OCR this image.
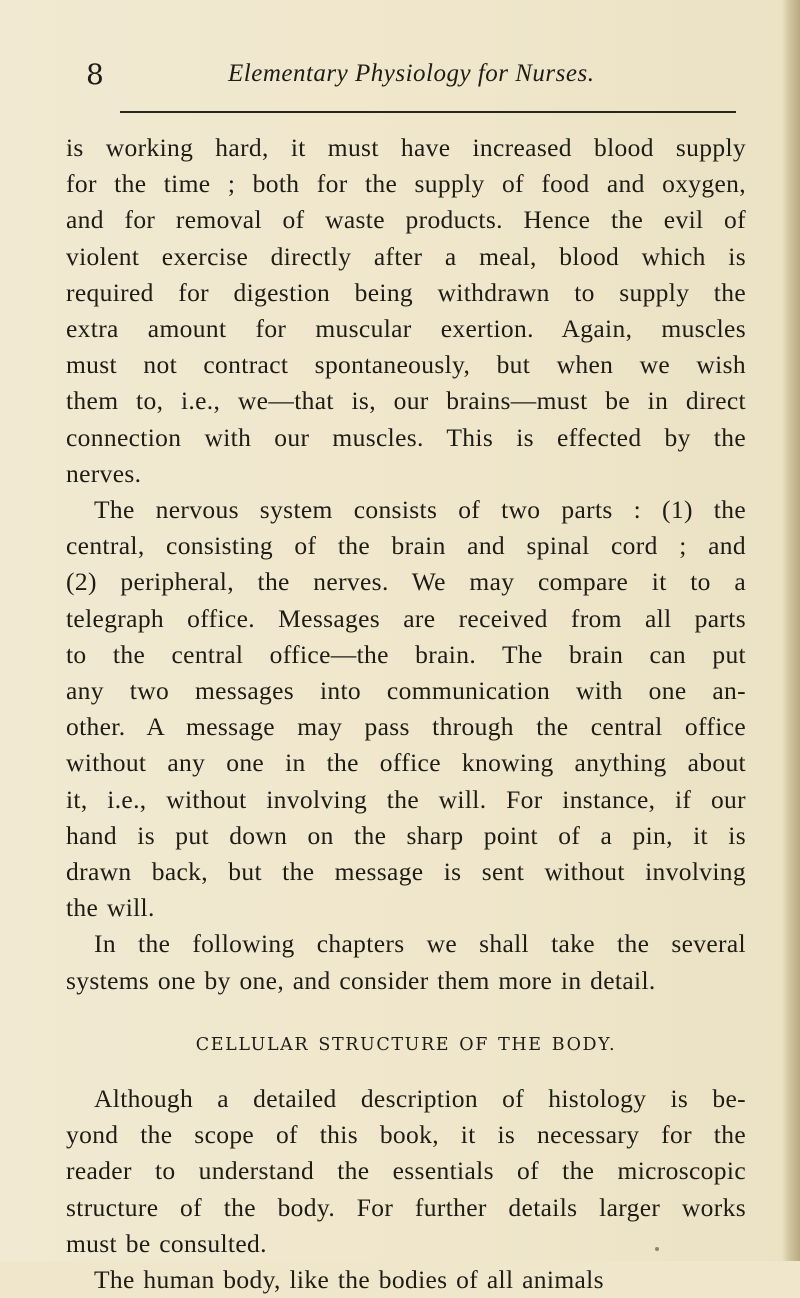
8	Elementary Physiology for Nurses.
is working hard, it must have increased blood supply
for the time ; both for the supply of food and oxygen,
and for removal of waste products. Hence the evil of
violent exercise directly after a meal, blood which is
required for digestion being withdrawn to supply the
extra amount for muscular exertion. Again, muscles
must not contract spontaneously, but when we wish
them to, i.e., we—that is, our brains—must be in direct
connection with our muscles. This is effected by the
nerves.
The nervous system consists of two parts : (1) the
central, consisting of the brain and spinal cord ; and
(2) peripheral, the nerves. We may compare it to a
telegraph office. Messages are received from all parts
to the central office—the brain. The brain can put
any two messages into communication with one an-
other. A message may pass through the central office
without any one in the office knowing anything about
it, i.e., without involving the will. For instance, if our
hand is put down on the sharp point of a pin, it is
drawn back, but the message is sent without involving
the will.
In the following chapters we shall take the several
systems one by one, and consider them more in detail.
CELLULAR STRUCTURE OF THE BODY.
Although a detailed description of histology is be-
yond the scope of this book, it is necessary for the
reader to understand the essentials of the microscopic
structure of the body. For further details larger works
must be consulted.
The human body, like the bodies of all animals
